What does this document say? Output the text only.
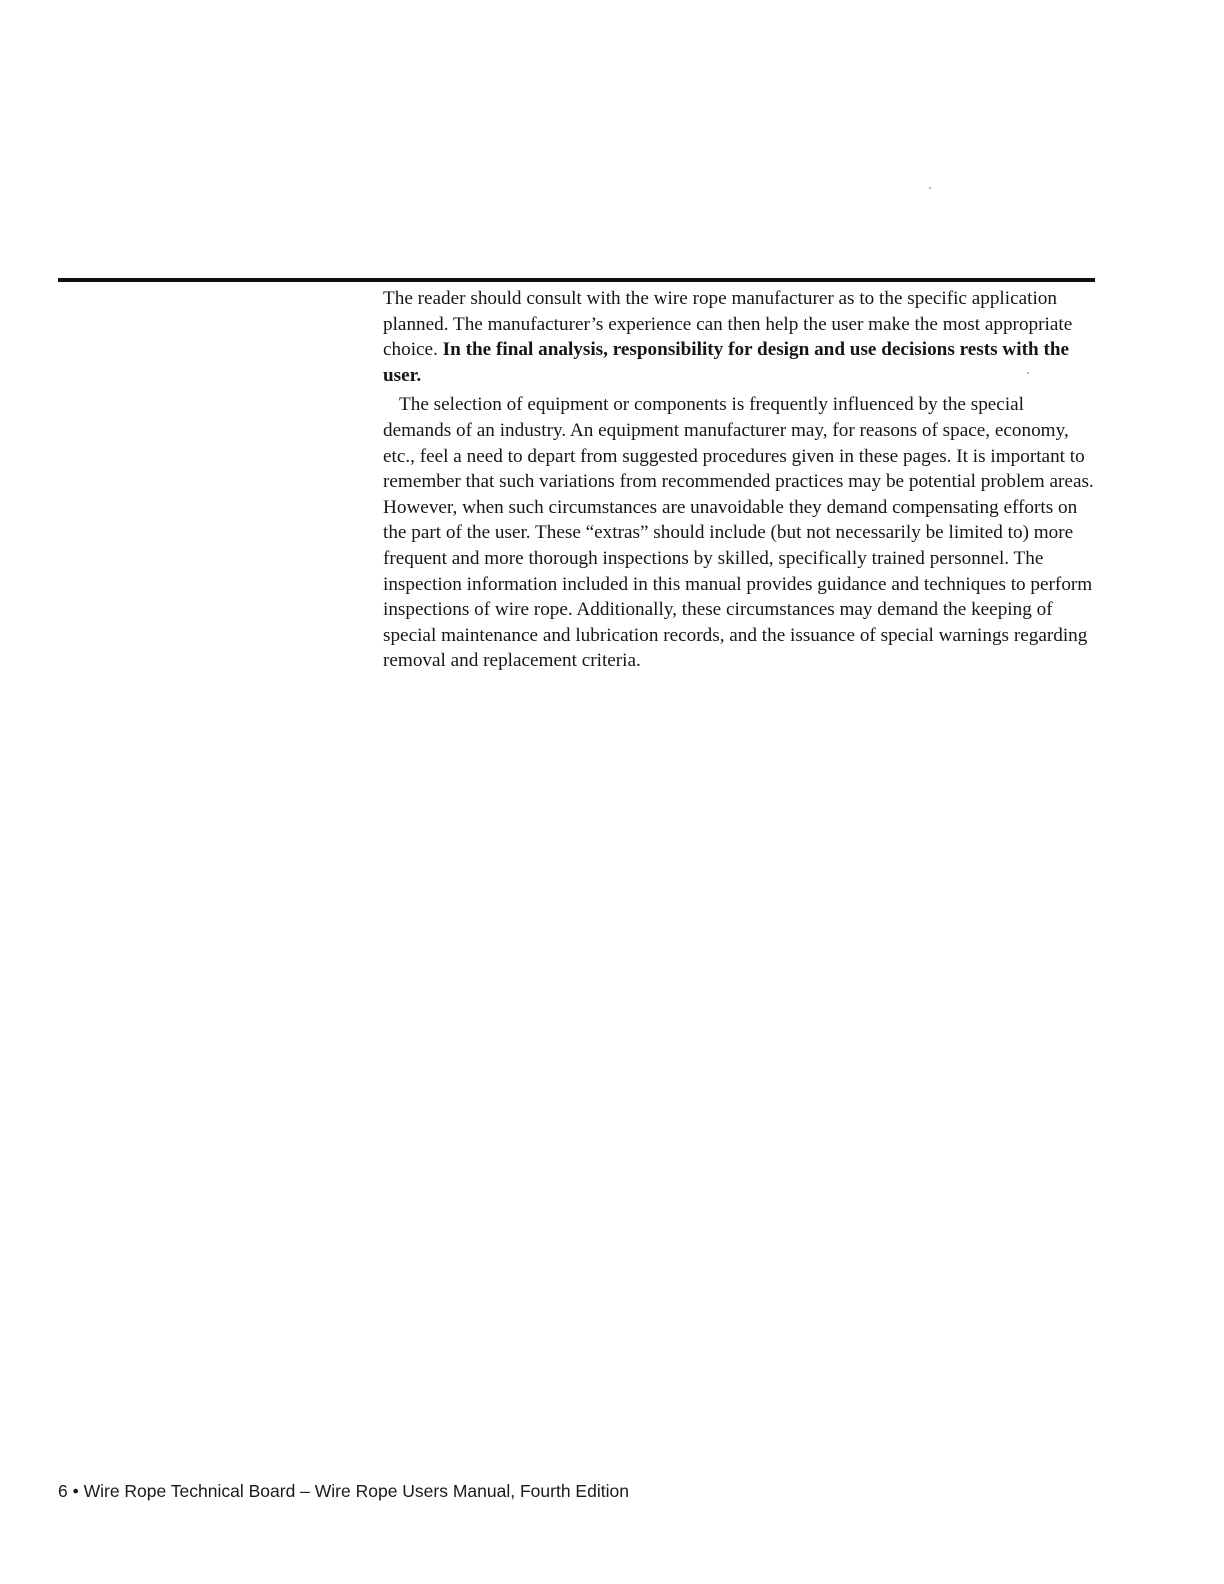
The reader should consult with the wire rope manufacturer as to the specific application planned. The manufacturer’s experience can then help the user make the most appropriate choice. In the final analysis, responsibility for design and use decisions rests with the user.

The selection of equipment or components is frequently influenced by the special demands of an industry. An equipment manufacturer may, for reasons of space, economy, etc., feel a need to depart from suggested procedures given in these pages. It is important to remember that such variations from recommended practices may be potential problem areas. However, when such circumstances are unavoidable they demand compensating efforts on the part of the user. These “extras” should include (but not necessarily be limited to) more frequent and more thorough inspections by skilled, specifically trained personnel. The inspection information included in this manual provides guidance and techniques to perform inspections of wire rope. Additionally, these circumstances may demand the keeping of special maintenance and lubrication records, and the issuance of special warnings regarding removal and replacement criteria.

6 • Wire Rope Technical Board – Wire Rope Users Manual, Fourth Edition
